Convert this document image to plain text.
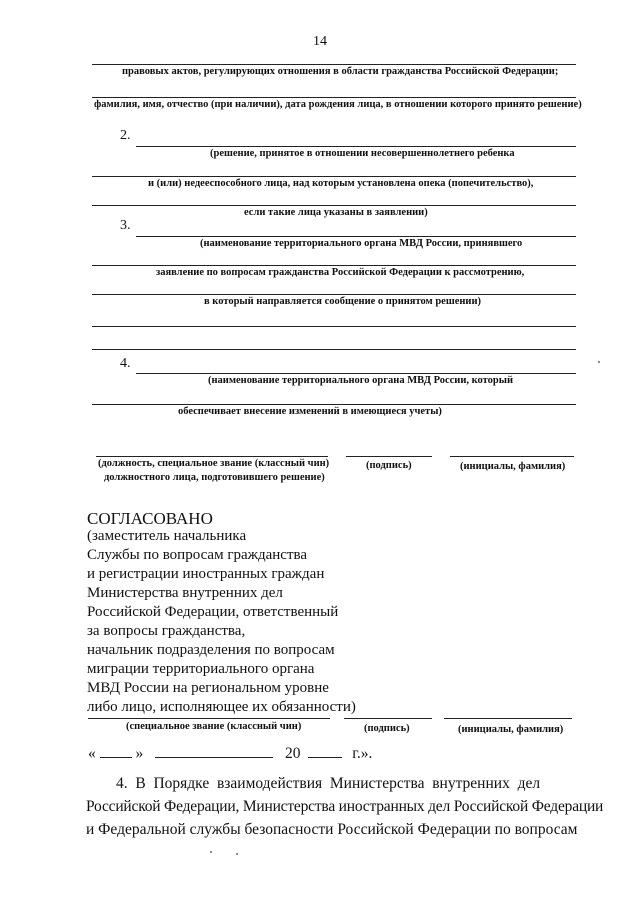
14
правовых актов, регулирующих отношения в области гражданства Российской Федерации;
фамилия, имя, отчество (при наличии), дата рождения лица, в отношении которого принято решение)
2.
(решение, принятое в отношении несовершеннолетнего ребенка
и (или) недееспособного лица, над которым установлена опека (попечительство),
если такие лица указаны в заявлении)
3.
(наименование территориального органа МВД России, принявшего
заявление по вопросам гражданства Российской Федерации к рассмотрению,
в который направляется сообщение о принятом решении)
4.
(наименование территориального органа МВД России, который
обеспечивает внесение изменений в имеющиеся учеты)
(должность, специальное звание (классный чин)
должностного лица, подготовившего решение)
(подпись)	(инициалы, фамилия)
СОГЛАСОВАНО
(заместитель начальника
Службы по вопросам гражданства
и регистрации иностранных граждан
Министерства внутренних дел
Российской Федерации, ответственный
за вопросы гражданства,
начальник подразделения по вопросам
миграции территориального органа
МВД России на региональном уровне
либо лицо, исполняющее их обязанности)
(специальное звание (классный чин)	(подпись)	(инициалы, фамилия)
«	»	20	г.».
4.  В  Порядке  взаимодействия  Министерства  внутренних  дел
Российской Федерации, Министерства иностранных дел Российской Федерации
и Федеральной службы безопасности Российской Федерации по вопросам
